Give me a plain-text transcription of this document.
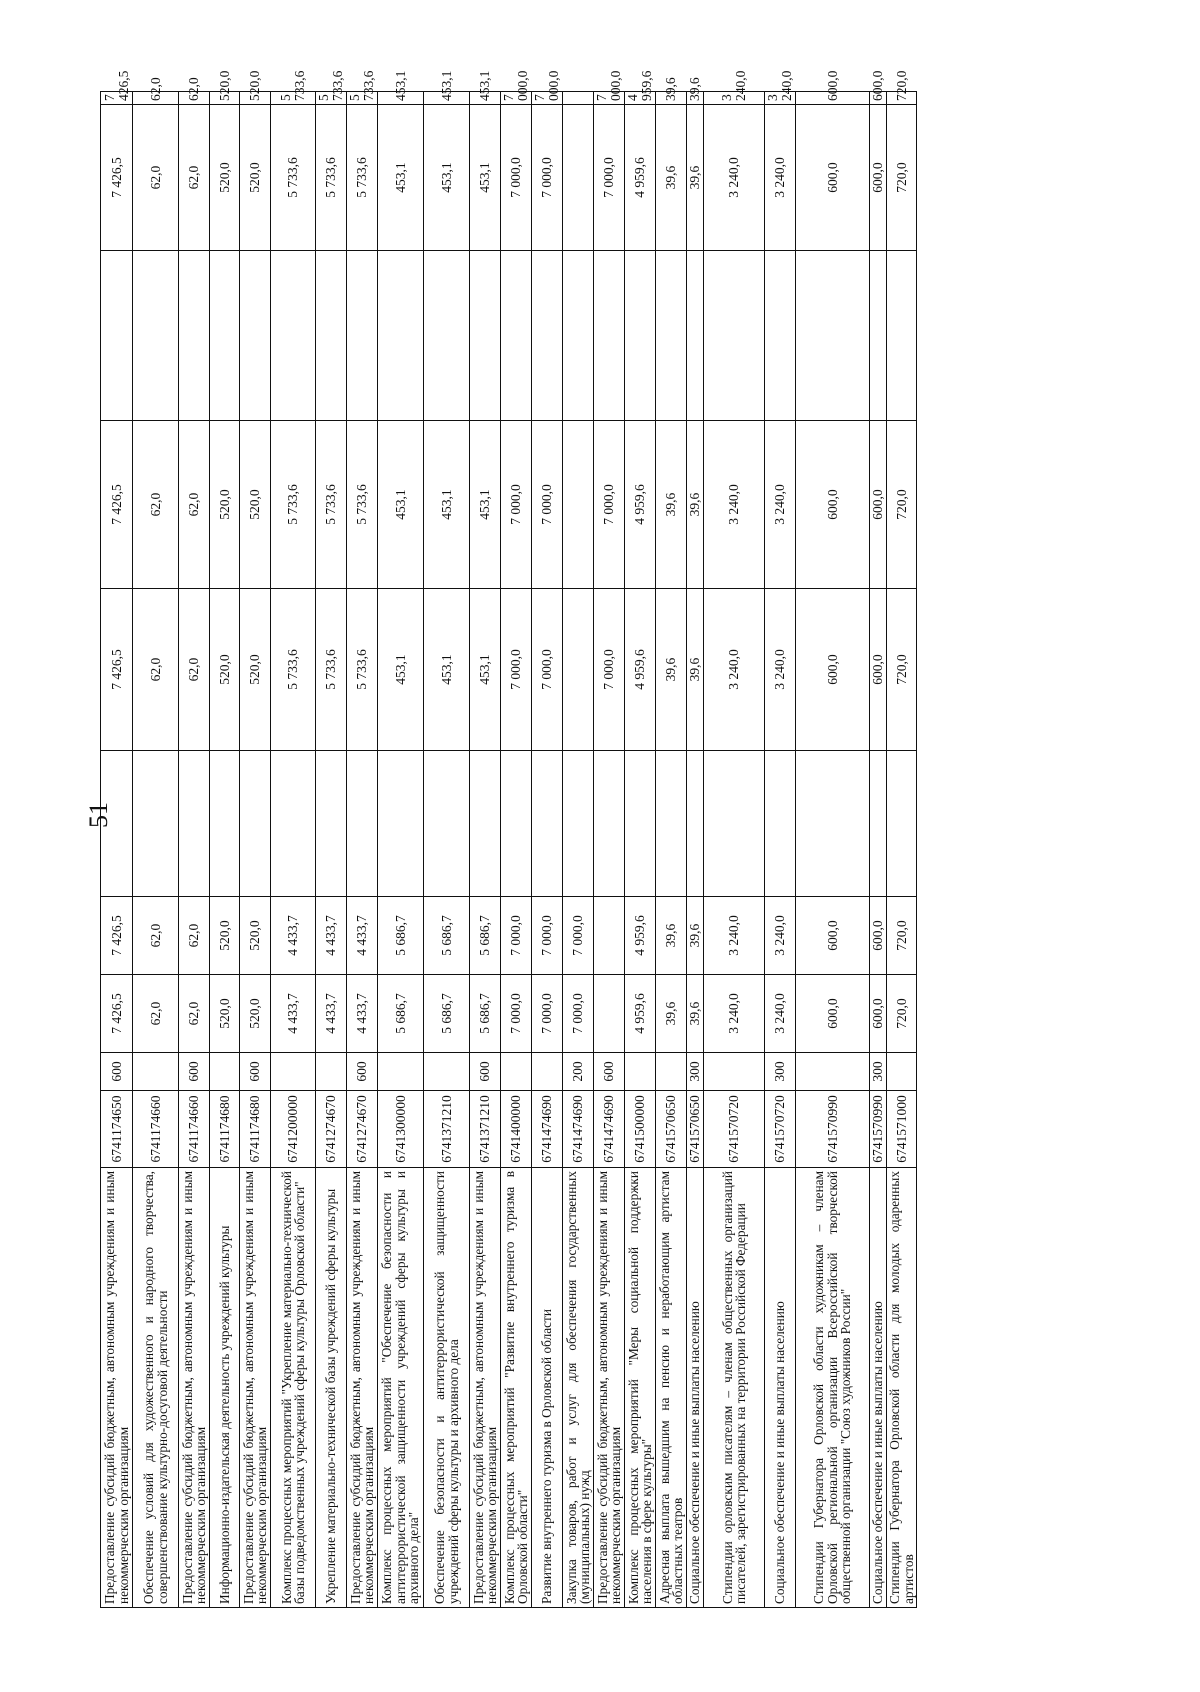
51
Предоставление субсидий бюджетным, автономным учреждениям и иным некоммерческим организациям	6741174650	600	7 426,5	7 426,5		7 426,5	7 426,5		7 426,5	7 426,5	
Обеспечение условий для художественного и народного творчества, совершенствование культурно-досуговой деятельности	6741174660		62,0	62,0		62,0	62,0		62,0	62,0	
Предоставление субсидий бюджетным, автономным учреждениям и иным некоммерческим организациям	6741174660	600	62,0	62,0		62,0	62,0		62,0	62,0	
Информационно-издательская деятельность учреждений культуры	6741174680		520,0	520,0		520,0	520,0		520,0	520,0	
Предоставление субсидий бюджетным, автономным учреждениям и иным некоммерческим организациям	6741174680	600	520,0	520,0		520,0	520,0		520,0	520,0	
Комплекс процессных мероприятий "Укрепление материально-технической базы подведомственных учреждений сферы культуры Орловской области"	6741200000		4 433,7	4 433,7		5 733,6	5 733,6		5 733,6	5 733,6	
Укрепление материально-технической базы учреждений сферы культуры	6741274670		4 433,7	4 433,7		5 733,6	5 733,6		5 733,6	5 733,6	
Предоставление субсидий бюджетным, автономным учреждениям и иным некоммерческим организациям	6741274670	600	4 433,7	4 433,7		5 733,6	5 733,6		5 733,6	5 733,6	
Комплекс процессных мероприятий "Обеспечение безопасности и антитеррористической защищенности учреждений сферы культуры и архивного дела"	6741300000		5 686,7	5 686,7		453,1	453,1		453,1	453,1	
Обеспечение безопасности и антитеррористической защищенности учреждений сферы культуры и архивного дела	6741371210		5 686,7	5 686,7		453,1	453,1		453,1	453,1	
Предоставление субсидий бюджетным, автономным учреждениям и иным некоммерческим организациям	6741371210	600	5 686,7	5 686,7		453,1	453,1		453,1	453,1	
Комплекс процессных мероприятий "Развитие внутреннего туризма в Орловской области"	6741400000		7 000,0	7 000,0		7 000,0	7 000,0		7 000,0	7 000,0	
Развитие внутреннего туризма в Орловской области	6741474690		7 000,0	7 000,0		7 000,0	7 000,0		7 000,0	7 000,0	
Закупка товаров, работ и услуг для обеспечения государственных (муниципальных) нужд	6741474690	200	7 000,0	7 000,0							
Предоставление субсидий бюджетным, автономным учреждениям и иным некоммерческим организациям	6741474690	600				7 000,0	7 000,0		7 000,0	7 000,0	
Комплекс процессных мероприятий "Меры социальной поддержки населения в сфере культуры"	6741500000		4 959,6	4 959,6		4 959,6	4 959,6		4 959,6	4 959,6	
Адресная выплата вышедшим на пенсию и неработающим артистам областных театров	6741570650		39,6	39,6		39,6	39,6		39,6	39,6	
Социальное обеспечение и иные выплаты населению	6741570650	300	39,6	39,6		39,6	39,6		39,6	39,6	
Стипендии орловским писателям – членам общественных организаций писателей, зарегистрированных на территории Российской Федерации	6741570720		3 240,0	3 240,0		3 240,0	3 240,0		3 240,0	3 240,0	
Социальное обеспечение и иные выплаты населению	6741570720	300	3 240,0	3 240,0		3 240,0	3 240,0		3 240,0	3 240,0	
Стипендии Губернатора Орловской области художникам – членам Орловской региональной организации Всероссийской творческой общественной организации "Союз художников России"	6741570990		600,0	600,0		600,0	600,0		600,0	600,0	
Социальное обеспечение и иные выплаты населению	6741570990	300	600,0	600,0		600,0	600,0		600,0	600,0	
Стипендии Губернатора Орловской области для молодых одаренных артистов	6741571000		720,0	720,0		720,0	720,0		720,0	720,0	
